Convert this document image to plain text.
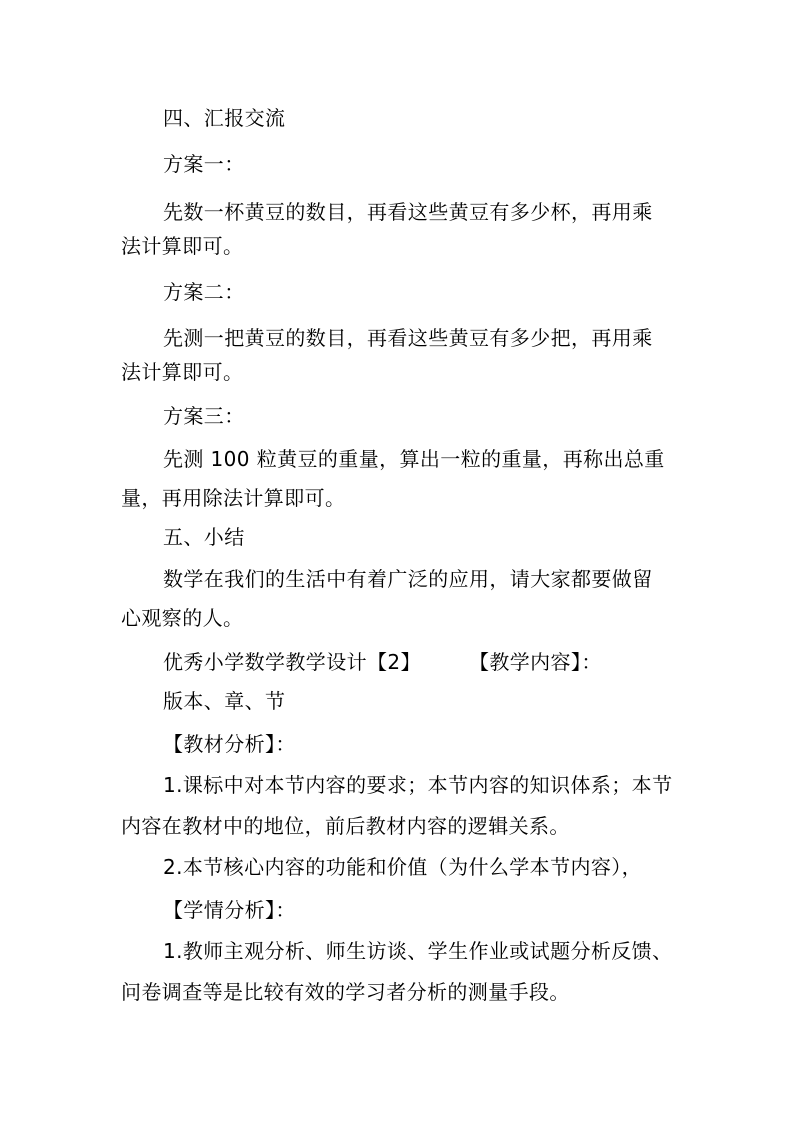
四、汇报交流
方案一：
先数一杯黄豆的数目，再看这些黄豆有多少杯，再用乘
法计算即可。
方案二：
先测一把黄豆的数目，再看这些黄豆有多少把，再用乘
法计算即可。
方案三：
先测 100 粒黄豆的重量，算出一粒的重量，再称出总重
量，再用除法计算即可。
五、小结
数学在我们的生活中有着广泛的应用，请大家都要做留
心观察的人。
优秀小学数学教学设计【2】 【教学内容】：
版本、章、节
【教材分析】：
1.课标中对本节内容的要求；本节内容的知识体系；本节
内容在教材中的地位，前后教材内容的逻辑关系。
2.本节核心内容的功能和价值（为什么学本节内容），
【学情分析】：
1.教师主观分析、师生访谈、学生作业或试题分析反馈、
问卷调查等是比较有效的学习者分析的测量手段。
